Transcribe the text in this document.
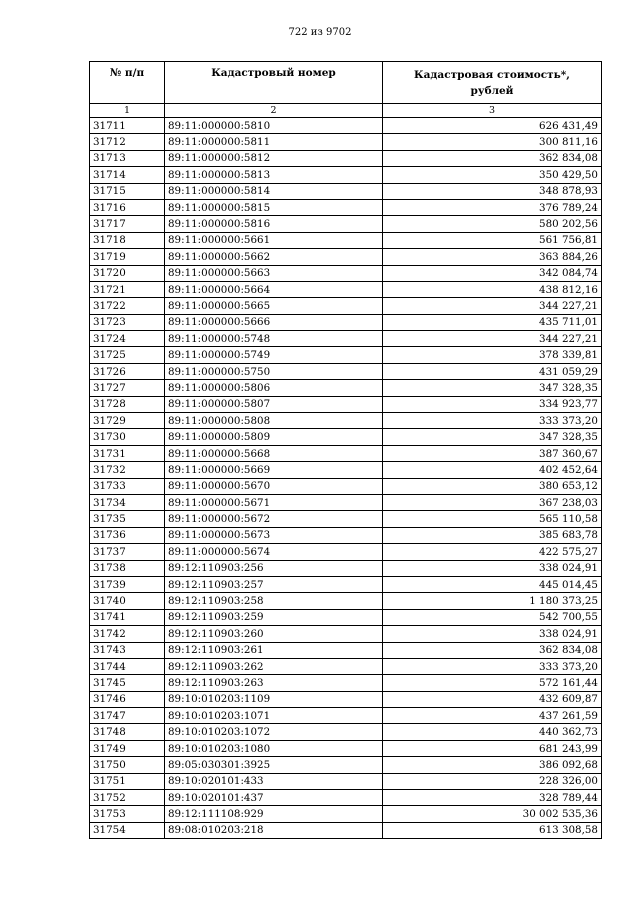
722 из 9702
№ п/п	Кадастровый номер	Кадастровая стоимость*,
рублей
1	2	3
31711	89:11:000000:5810	626 431,49
31712	89:11:000000:5811	300 811,16
31713	89:11:000000:5812	362 834,08
31714	89:11:000000:5813	350 429,50
31715	89:11:000000:5814	348 878,93
31716	89:11:000000:5815	376 789,24
31717	89:11:000000:5816	580 202,56
31718	89:11:000000:5661	561 756,81
31719	89:11:000000:5662	363 884,26
31720	89:11:000000:5663	342 084,74
31721	89:11:000000:5664	438 812,16
31722	89:11:000000:5665	344 227,21
31723	89:11:000000:5666	435 711,01
31724	89:11:000000:5748	344 227,21
31725	89:11:000000:5749	378 339,81
31726	89:11:000000:5750	431 059,29
31727	89:11:000000:5806	347 328,35
31728	89:11:000000:5807	334 923,77
31729	89:11:000000:5808	333 373,20
31730	89:11:000000:5809	347 328,35
31731	89:11:000000:5668	387 360,67
31732	89:11:000000:5669	402 452,64
31733	89:11:000000:5670	380 653,12
31734	89:11:000000:5671	367 238,03
31735	89:11:000000:5672	565 110,58
31736	89:11:000000:5673	385 683,78
31737	89:11:000000:5674	422 575,27
31738	89:12:110903:256	338 024,91
31739	89:12:110903:257	445 014,45
31740	89:12:110903:258	1 180 373,25
31741	89:12:110903:259	542 700,55
31742	89:12:110903:260	338 024,91
31743	89:12:110903:261	362 834,08
31744	89:12:110903:262	333 373,20
31745	89:12:110903:263	572 161,44
31746	89:10:010203:1109	432 609,87
31747	89:10:010203:1071	437 261,59
31748	89:10:010203:1072	440 362,73
31749	89:10:010203:1080	681 243,99
31750	89:05:030301:3925	386 092,68
31751	89:10:020101:433	228 326,00
31752	89:10:020101:437	328 789,44
31753	89:12:111108:929	30 002 535,36
31754	89:08:010203:218	613 308,58
